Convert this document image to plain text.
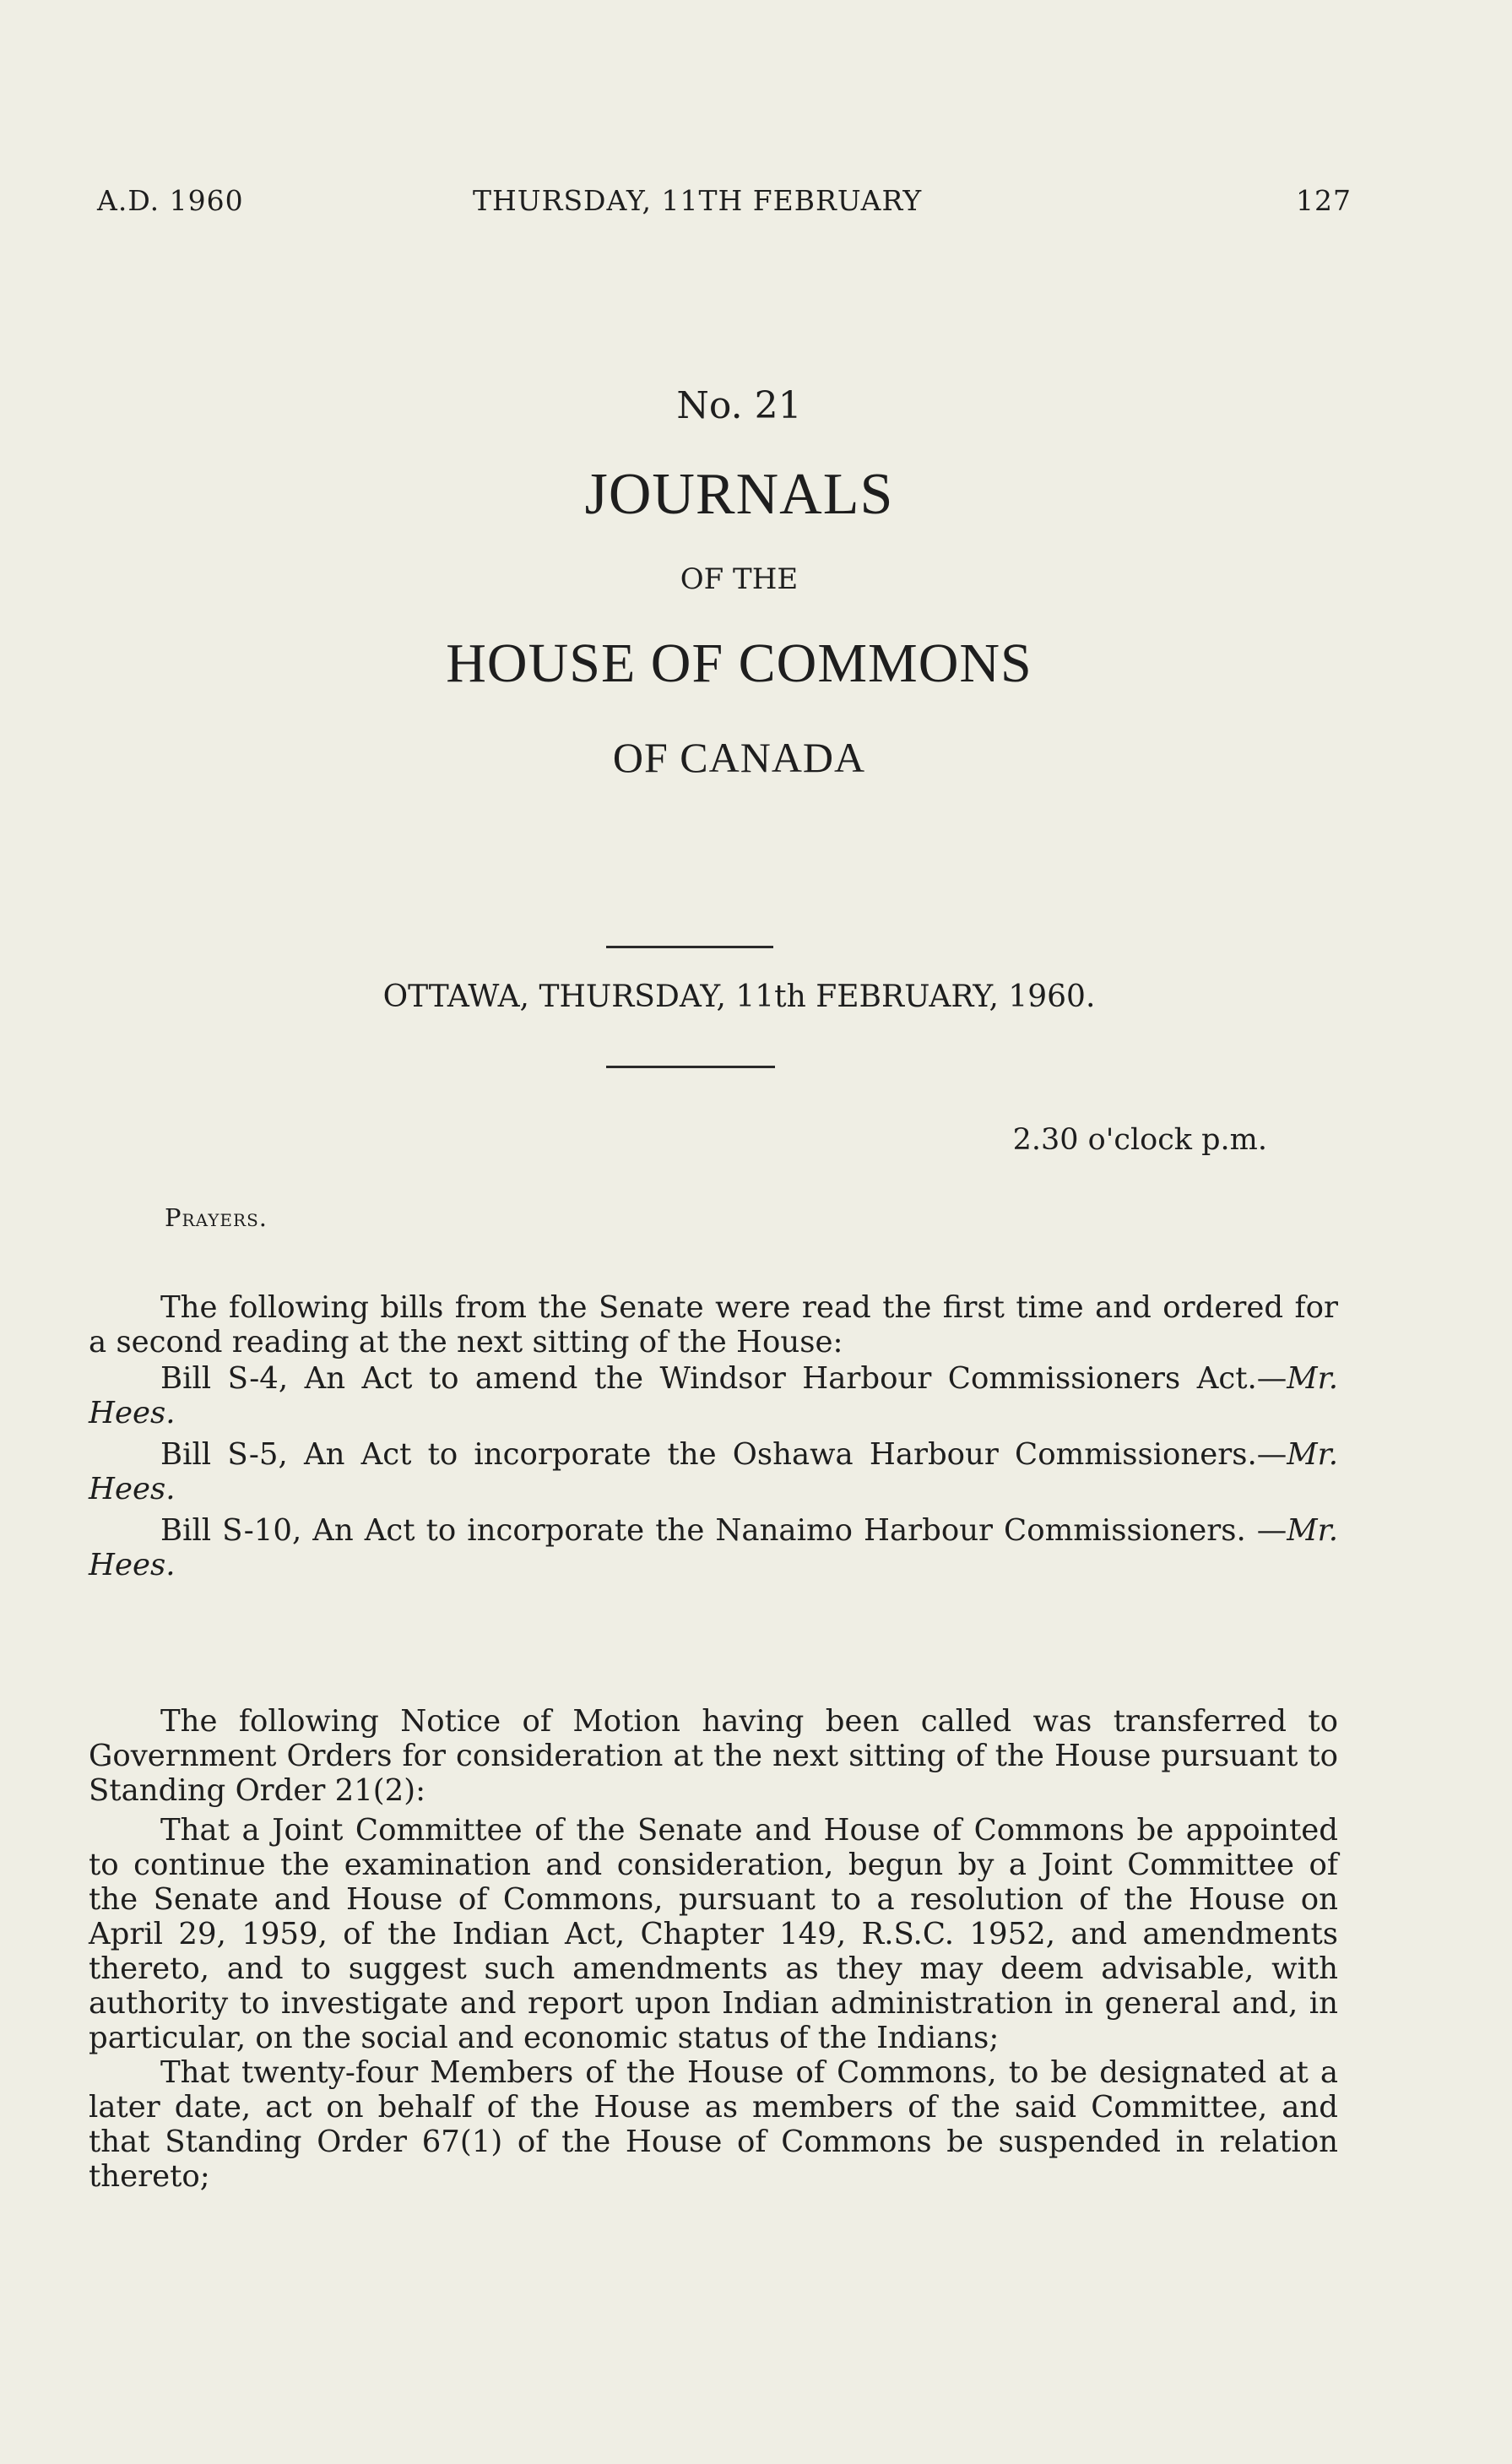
A.D. 1960	THURSDAY, 11TH FEBRUARY	127
No. 21
JOURNALS
OF THE
HOUSE OF COMMONS
OF CANADA
OTTAWA, THURSDAY, 11th FEBRUARY, 1960.
2.30 o'clock p.m.
Prayers.

The following bills from the Senate were read the first time and ordered for a second reading at the next sitting of the House:

Bill S-4, An Act to amend the Windsor Harbour Commissioners Act.—Mr. Hees.

Bill S-5, An Act to incorporate the Oshawa Harbour Commissioners.—Mr. Hees.

Bill S-10, An Act to incorporate the Nanaimo Harbour Commissioners. —Mr. Hees.

The following Notice of Motion having been called was transferred to Government Orders for consideration at the next sitting of the House pursuant to Standing Order 21(2):

That a Joint Committee of the Senate and House of Commons be appointed to continue the examination and consideration, begun by a Joint Committee of the Senate and House of Commons, pursuant to a resolution of the House on April 29, 1959, of the Indian Act, Chapter 149, R.S.C. 1952, and amendments thereto, and to suggest such amendments as they may deem advisable, with authority to investigate and report upon Indian administration in general and, in particular, on the social and economic status of the Indians;

That twenty-four Members of the House of Commons, to be designated at a later date, act on behalf of the House as members of the said Committee, and that Standing Order 67(1) of the House of Commons be suspended in relation thereto;
